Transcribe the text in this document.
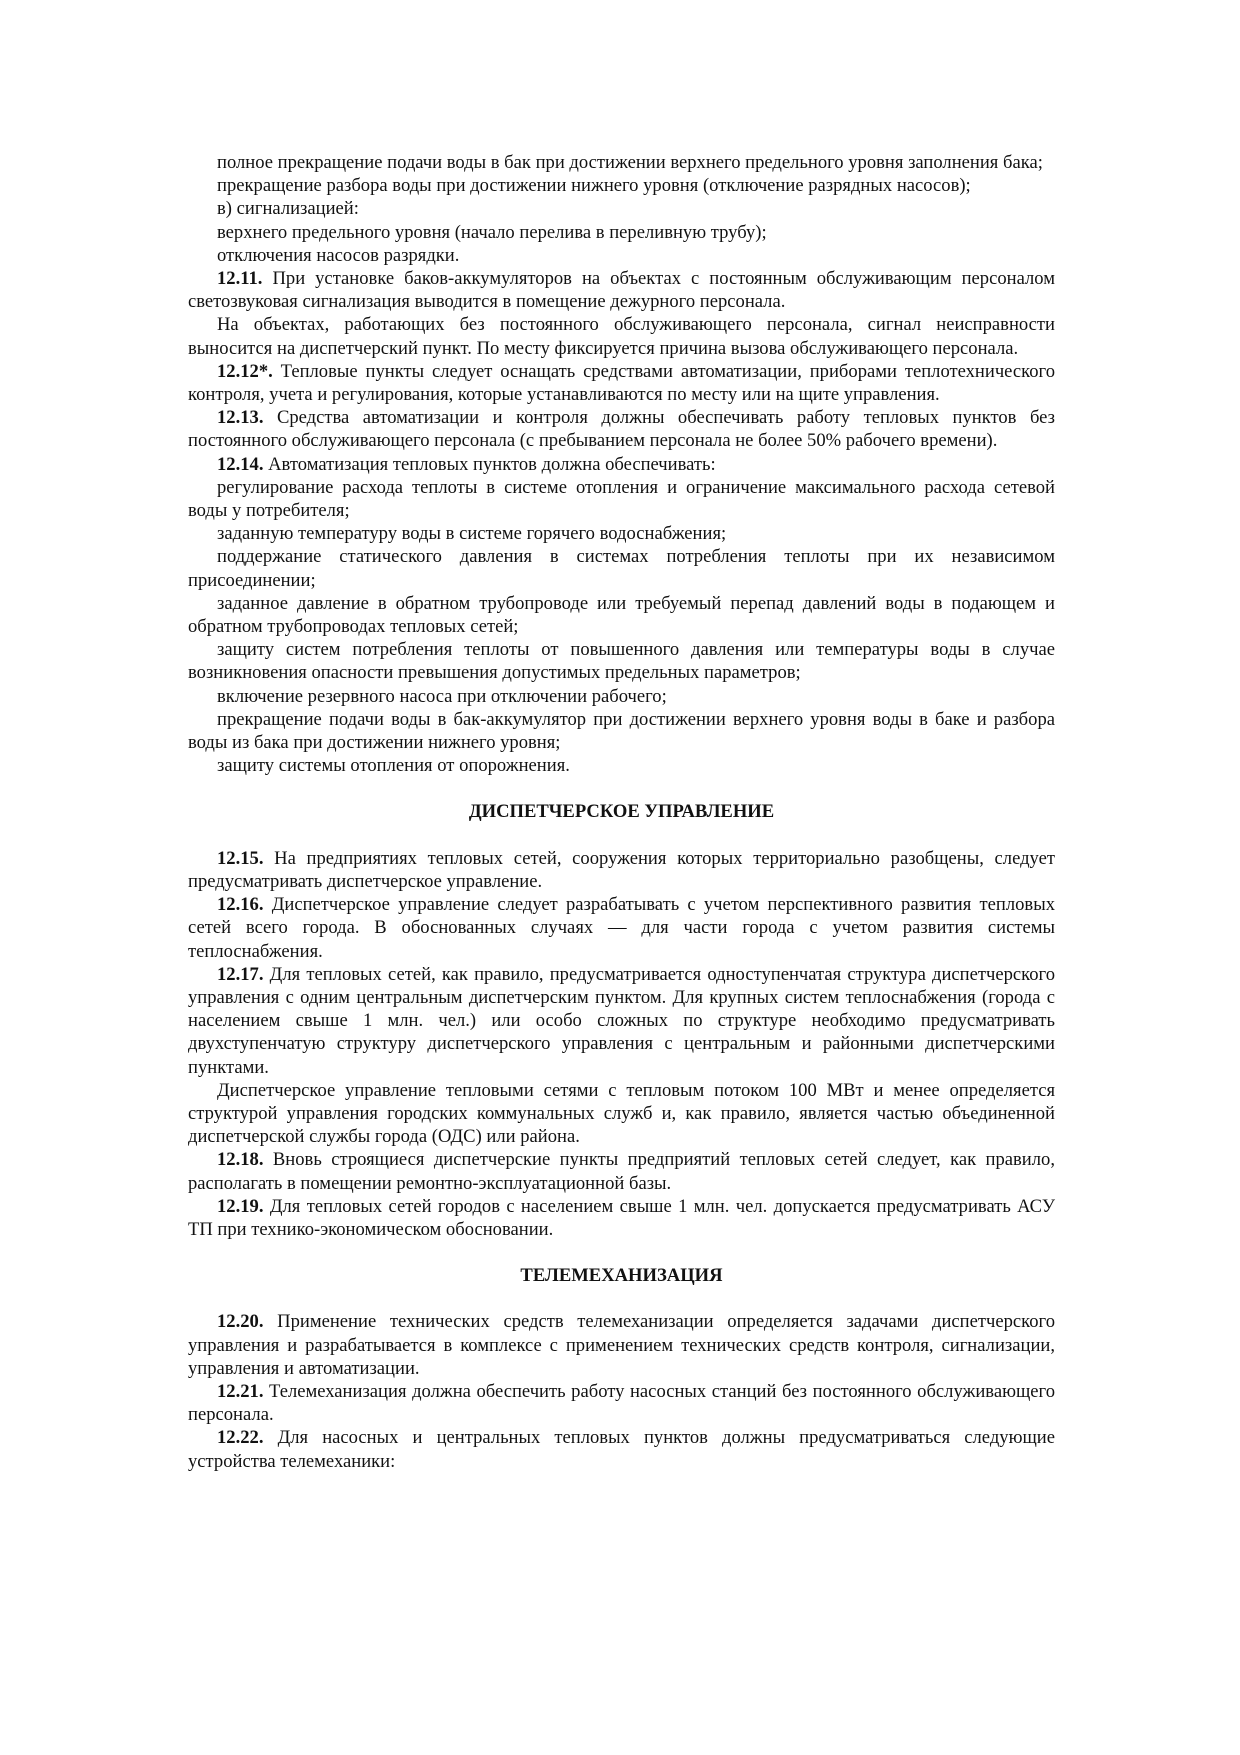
полное прекращение подачи воды в бак при достижении верхнего предельного уровня заполнения бака;

прекращение разбора воды при достижении нижнего уровня (отключение разрядных насосов);

в) сигнализацией:

верхнего предельного уровня (начало перелива в переливную трубу);

отключения насосов разрядки.

12.11. При установке баков-аккумуляторов на объектах с постоянным обслуживающим персоналом светозвуковая сигнализация выводится в помещение дежурного персонала.

На объектах, работающих без постоянного обслуживающего персонала, сигнал неисправности выносится на диспетчерский пункт. По месту фиксируется причина вызова обслуживающего персонала.

12.12*. Тепловые пункты следует оснащать средствами автоматизации, приборами теплотехнического контроля, учета и регулирования, которые устанавливаются по месту или на щите управления.

12.13. Средства автоматизации и контроля должны обеспечивать работу тепловых пунктов без постоянного обслуживающего персонала (с пребыванием персонала не более 50% рабочего времени).

12.14. Автоматизация тепловых пунктов должна обеспечивать:

регулирование расхода теплоты в системе отопления и ограничение максимального расхода сетевой воды у потребителя;

заданную температуру воды в системе горячего водоснабжения;

поддержание статического давления в системах потребления теплоты при их независимом присоединении;

заданное давление в обратном трубопроводе или требуемый перепад давлений воды в подающем и обратном трубопроводах тепловых сетей;

защиту систем потребления теплоты от повышенного давления или температуры воды в случае возникновения опасности превышения допустимых предельных параметров;

включение резервного насоса при отключении рабочего;

прекращение подачи воды в бак-аккумулятор при достижении верхнего уровня воды в баке и разбора воды из бака при достижении нижнего уровня;

защиту системы отопления от опорожнения.

ДИСПЕТЧЕРСКОЕ УПРАВЛЕНИЕ

12.15. На предприятиях тепловых сетей, сооружения которых территориально разобщены, следует предусматривать диспетчерское управление.

12.16. Диспетчерское управление следует разрабатывать с учетом перспективного развития тепловых сетей всего города. В обоснованных случаях — для части города с учетом развития системы теплоснабжения.

12.17. Для тепловых сетей, как правило, предусматривается одноступенчатая структура диспетчерского управления с одним центральным диспетчерским пунктом. Для крупных систем теплоснабжения (города с населением свыше 1 млн. чел.) или особо сложных по структуре необходимо предусматривать двухступенчатую структуру диспетчерского управления с центральным и районными диспетчерскими пунктами.

Диспетчерское управление тепловыми сетями с тепловым потоком 100 МВт и менее определяется структурой управления городских коммунальных служб и, как правило, является частью объединенной диспетчерской службы города (ОДС) или района.

12.18. Вновь строящиеся диспетчерские пункты предприятий тепловых сетей следует, как правило, располагать в помещении ремонтно-эксплуатационной базы.

12.19. Для тепловых сетей городов с населением свыше 1 млн. чел. допускается предусматривать АСУ ТП при технико-экономическом обосновании.

ТЕЛЕМЕХАНИЗАЦИЯ

12.20. Применение технических средств телемеханизации определяется задачами диспетчерского управления и разрабатывается в комплексе с применением технических средств контроля, сигнализации, управления и автоматизации.

12.21. Телемеханизация должна обеспечить работу насосных станций без постоянного обслуживающего персонала.

12.22. Для насосных и центральных тепловых пунктов должны предусматриваться следующие устройства телемеханики:
